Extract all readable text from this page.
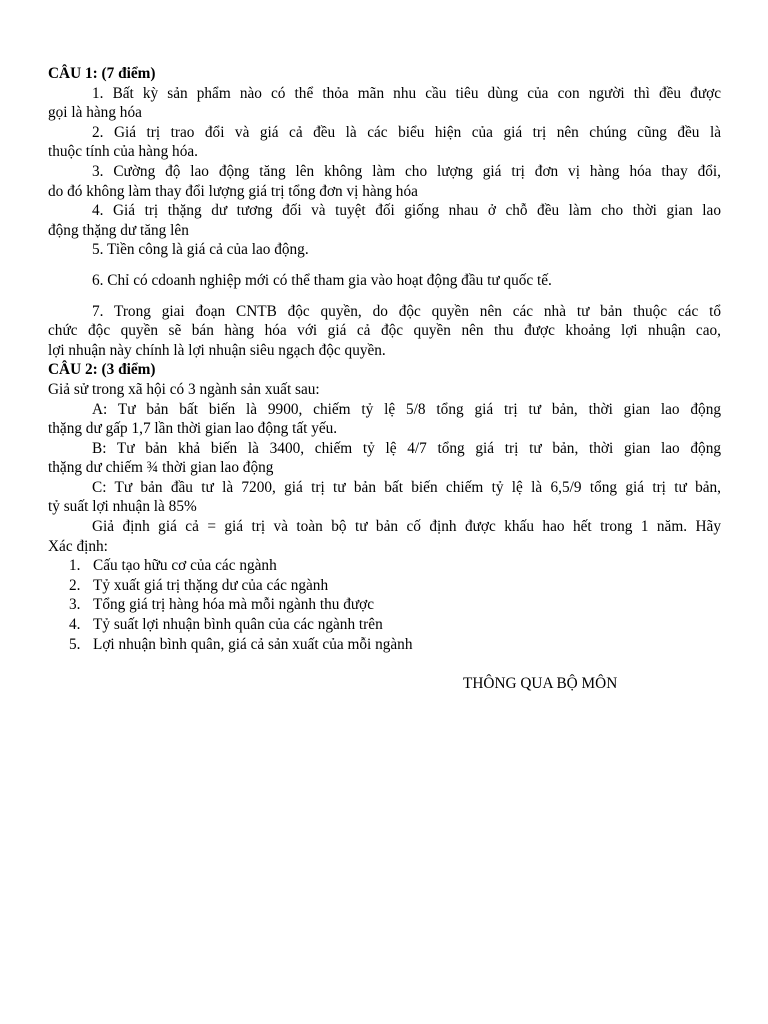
CÂU 1: (7 điểm)
1. Bất kỳ sản phẩm nào có thể thỏa mãn nhu cầu tiêu dùng của con người thì đều được
gọi là hàng hóa
2. Giá trị trao đổi và giá cả đều là các biểu hiện của giá trị nên chúng cũng đều là
thuộc tính của hàng hóa.
3. Cường độ lao động tăng lên không làm cho lượng giá trị đơn vị hàng hóa thay đổi,
do đó không làm thay đổi lượng giá trị tổng đơn vị hàng hóa
4. Giá trị thặng dư tương đối và tuyệt đối giống nhau ở chỗ đều làm cho thời gian lao
động thặng dư tăng lên
5. Tiền công là giá cả của lao động.
6. Chỉ có cdoanh nghiệp mới có thể tham gia vào hoạt động đầu tư quốc tế.
7. Trong giai đoạn CNTB độc quyền, do độc quyền nên các nhà tư bản thuộc các tổ
chức độc quyền sẽ bán hàng hóa với giá cả độc quyền nên thu được khoảng lợi nhuận cao,
lợi nhuận này chính là lợi nhuận siêu ngạch độc quyền.
CÂU 2: (3 điểm)
Giả sử trong xã hội có 3 ngành sản xuất sau:
A: Tư bản bất biến là 9900, chiếm tỷ lệ 5/8 tổng giá trị tư bản, thời gian lao động
thặng dư gấp 1,7 lần thời gian lao động tất yếu.
B: Tư bản khả biến là 3400, chiếm tỷ lệ 4/7 tổng giá trị tư bản, thời gian lao động
thặng dư chiếm ¾ thời gian lao động
C: Tư bản đầu tư là 7200, giá trị tư bản bất biến chiếm tỷ lệ là 6,5/9 tổng giá trị tư bản,
tỷ suất lợi nhuận là 85%
Giả định giá cả = giá trị và toàn bộ tư bản cố định được khấu hao hết trong 1 năm. Hãy
Xác định:
1. Cấu tạo hữu cơ của các ngành
2. Tỷ xuất giá trị thặng dư của các ngành
3. Tổng giá trị hàng hóa mà mỗi ngành thu được
4. Tỷ suất lợi nhuận bình quân của các ngành trên
5. Lợi nhuận bình quân, giá cả sản xuất của mỗi ngành
THÔNG QUA BỘ MÔN
